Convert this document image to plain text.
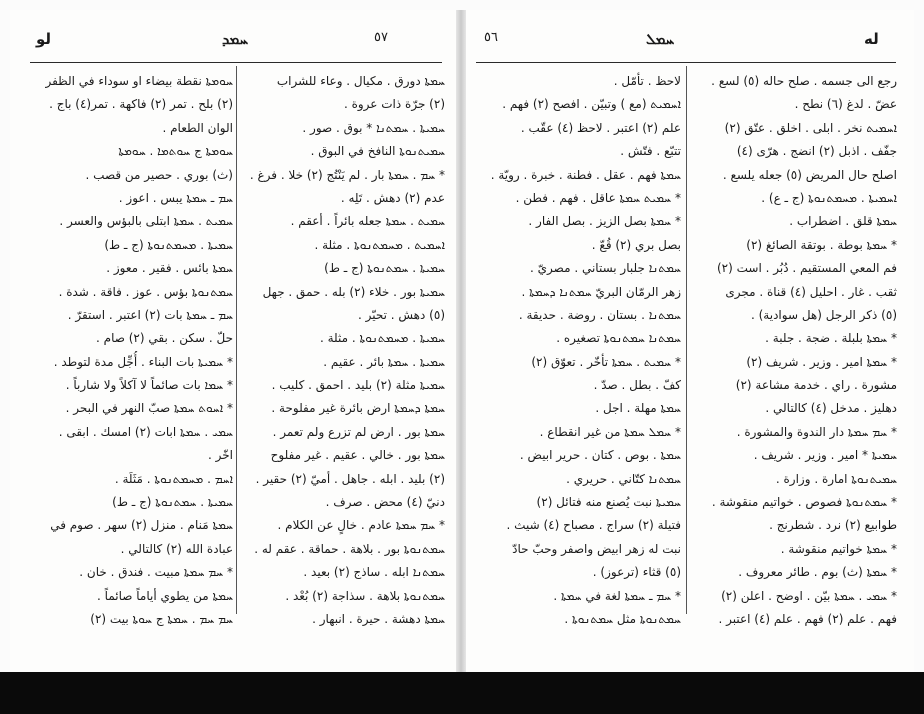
ﻟﻮ	ܚܡܕ	٥٧
ܚܘܡܬܐ نقطة بيضاء او سوداء في الظفر
(٢) بلح . تمر (٢) فاكهة . تمر(٤) باج .
الوان الطعام .
ܚܘܡܬܐ ج ܚܘܬܡܐ . ܚܘܡܬܐ
(ث) بوري . حصير من قصب .
ܚܡ ـ ܚܡܬܐ يبس . اعوز .
ܚܡܝܬ . ܚܡܬܐ ابتلى بالبؤس والعسر .
ܚܡܝܬܐ . ܡܚܡܬܢܘܬܐ (ج ـ ط)
ܚܡܬܐ بائس . فقير . معوز .
ܚܡܬܢܘܬܐ بؤس . عوز . فاقة . شدة .
ܚܡ ـ ܚܡܬܐ بات (٢) اعتبر . استقرّ .
حلّ . سكن . بقي (٢) صام .
* ܚܡܝܬܐ بات البناء . أُجِّل مدة لتوطد .
* ܚܡܐ بات صائماً لا آكلاً ولا شارباً .
* ܐܚܘܬ ܚܡܬܐ صبّ النهر في البحر .
ܚܡܝ . ܚܡܬܐ ابات (٢) امسك . ابقى .
اخّر .
ܐܚܡ . ܡܚܡܬܢܘܬܐ . مَثَلَة .
ܚܡܝܬܐ . ܚܡܬܢܘܬܐ (ج ـ ط)
ܚܡܬܐ مَنام . منزل (٢) سهر . صوم في
عبادة الله (٢) كالتالي .
* ܚܡ ܚܡܬܐ مبيت . فندق . خان .
ܚܡܬܐ من يطوي أياماً صائماً .
ܚܡ ܚܡ . ܚܡܬܐ ج ܚܘܬܐ بيت (٢)
ܚܡܬܐ دورق . مكيال . وعاء للشراب
(٢) جرّة ذات عروة .
ܚܡܝܬܐ . ܚܡܬܢܐ * بوق . صور .
ܚܡܝܬܢܘܬܐ النافخ في البوق .
* ܚܡ . ܚܡܬܐ بار . لم يَنْتُج (٢) خلا . فرغ .
عدم (٢) دهش . تَلِه .
ܚܡܝܬ . ܚܡܬܐ جعله بائراً . أعقم .
ܐܚܡܝܬ . ܡܚܡܬܢܘܬܐ . مثلة .
ܚܡܝܬܐ . ܚܡܬܢܘܬܐ (ج ـ ط)
ܚܡܝܬܐ بور . خلاء (٢) بله . حمق . جهل
(٥) دهش . تحيّر .
ܚܡܝܬܐ . ܡܚܡܬܢܘܬܐ . مثلة .
ܚܡܝܬܐ . ܚܡܬܐ بائر . عقيم .
ܚܡܝܬܐ مثلة (٢) بليد . احمق . كليب .
ܚܡܬܐ ܕܚܡܬܐ ارض بائرة غير مفلوحة .
ܚܡܬܐ بور . ارض لم تزرع ولم تعمر .
ܚܡܬܐ بور . خالي . عقيم . غير مفلوح
(٢) بليد . ابله . جاهل . أميّ (٢) حقير .
دنيّ (٤) محض . صرف .
* ܚܡ ܚܡܬܐ عادم . خالٍ عن الكلام .
ܚܡܬܢܘܬܐ بور . بلاهة . حماقة . عقم له .
ܚܡܬܢܐ ابله . ساذج (٢) بعيد .
ܚܡܬܢܘܬܐ بلاهة . سذاجة (٢) بُعْد .
ܚܡܬܐ دهشة . حيرة . انبهار .
٥٦	ܚܡܠ	ﻟﻪ
لاحظ . تأمّل .
ܐܚܡܝܬ (مع ) وتبيّن . افصح (٢) فهم .
علم (٢) اعتبر . لاحظ (٤) عقّب .
تتبّع . فتّش .
ܚܡܬܐ فهم . عقل . فطنة . خبرة . رويّة .
* ܚܡܝܬ ܚܡܬܐ عاقل . فهم . فطن .
* ܚܡܬܐ بصل الزيز . بصل الفار .
بصل بري (٢) قُعّ .
ܚܡܬܢܐ جلبار بستاني . مصريّ .
زهر الرمّان البريّ ܚܡܬܢܐ ܕܚܡܬܐ .
ܚܡܬܢܐ . بستان . روضة . حديقة .
ܚܡܬܢܐ ܚܡܬܢܘܬܐ تصغيره .
* ܚܡܝܬ . ܚܡܬܐ تأخّر . تعوّق (٢)
كفّ . بطل . صدّ .
ܚܡܬܐ مهلة . اجل .
* ܚܡܠ ܚܡܬܐ من غير انقطاع .
ܚܡܬܐ . بوص . كتان . حرير ابيض .
ܚܡܬܢܐ كتّاني . حريري .
ܚܡܝܬܐ نبت يُصنع منه فتائل (٢)
فتيلة (٢) سراج . مصباح (٤) شيث .
نبت له زهر ابيض واصفر وحبّ حادّ
(٥) قثاء (ترعوز) .
* ܚܡ ـ ܚܡܬܐ لغة في ܚܡܬܐ .
ܚܡܬܢܘܬܐ مثل ܚܡܬܢܘܬܐ .
رجع الى جسمه . صلح حاله (٥) لسع .
عضّ . لدغ (٦) نطح .
ܐܚܡܝܬ نخر . ابلى . اخلق . عتّق (٢)
جفّف . اذبل (٢) انضج . هرّى (٤)
اصلح حال المريض (٥) جعله يلسع .
ܐܚܡܝܬܐ . ܡܚܡܬܢܘܬܐ (ج ـ ع) .
ܚܡܬܐ قلق . اضطراب .
* ܚܡܬܐ بوطة . بوتقة الصائغ (٢)
فم المعي المستقيم . دُبُر . است (٢)
ثقب . غار . احليل (٤) قناة . مجرى
(٥) ذكر الرجل (هل سوادية) .
* ܚܡܬܐ بلبلة . ضجة . جلبة .
* ܚܡܬܐ امير . وزير . شريف (٢)
مشورة . راي . خدمة مشاعة (٢)
دهليز . مدخل (٤) كالتالي .
* ܚܡ ܚܡܬܐ دار الندوة والمشورة .
ܚܡܝܬܐ * امير . وزير . شريف .
ܚܡܝܬܢܘܬܐ امارة . وزارة .
* ܚܡܬܢܘܬܐ فصوص . خواتيم منقوشة .
طوابيع (٢) نرد . شطرنج .
* ܚܡܬܐ خواتيم منقوشة .
* ܚܡܬܐ (ث) بوم . طائر معروف .
* ܚܡܝ . ܚܡܬܐ بيّن . اوضح . اعلن (٢)
فهم . علم (٢) فهم . علم (٤) اعتبر .
